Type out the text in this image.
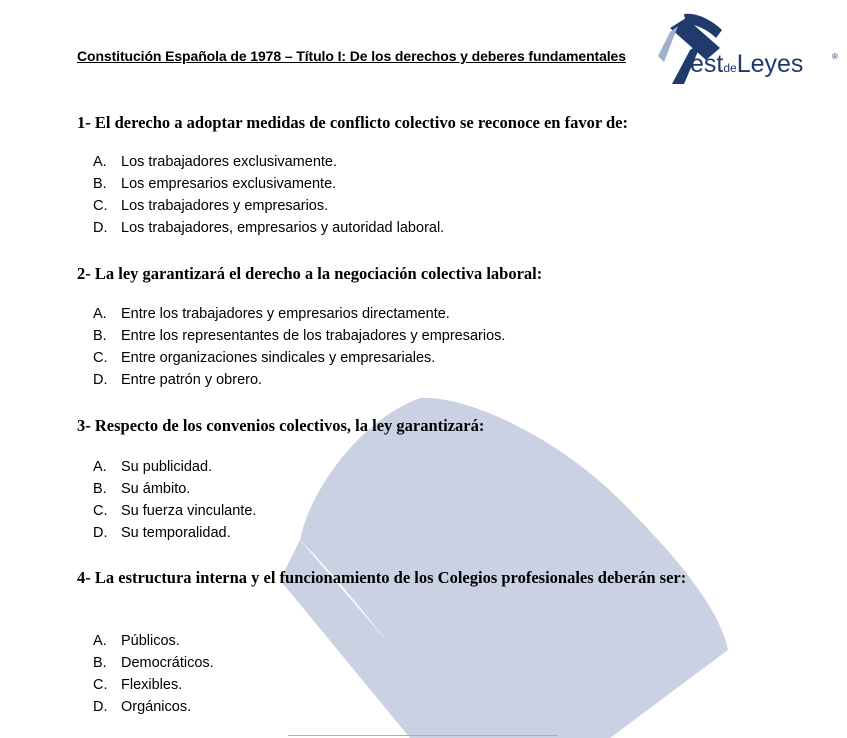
Constitución Española de 1978 – Título I: De los derechos y deberes fundamentales	estdeLeyes	®
1- El derecho a adoptar medidas de conflicto colectivo se reconoce en favor de:
A. Los trabajadores exclusivamente.
B. Los empresarios exclusivamente.
C. Los trabajadores y empresarios.
D. Los trabajadores, empresarios y autoridad laboral.
2- La ley garantizará el derecho a la negociación colectiva laboral:
A. Entre los trabajadores y empresarios directamente.
B. Entre los representantes de los trabajadores y empresarios.
C. Entre organizaciones sindicales y empresariales.
D. Entre patrón y obrero.
3- Respecto de los convenios colectivos, la ley garantizará:
A. Su publicidad.
B. Su ámbito.
C. Su fuerza vinculante.
D. Su temporalidad.
4- La estructura interna y el funcionamiento de los Colegios profesionales deberán ser:
A. Públicos.
B. Democráticos.
C. Flexibles.
D. Orgánicos.
